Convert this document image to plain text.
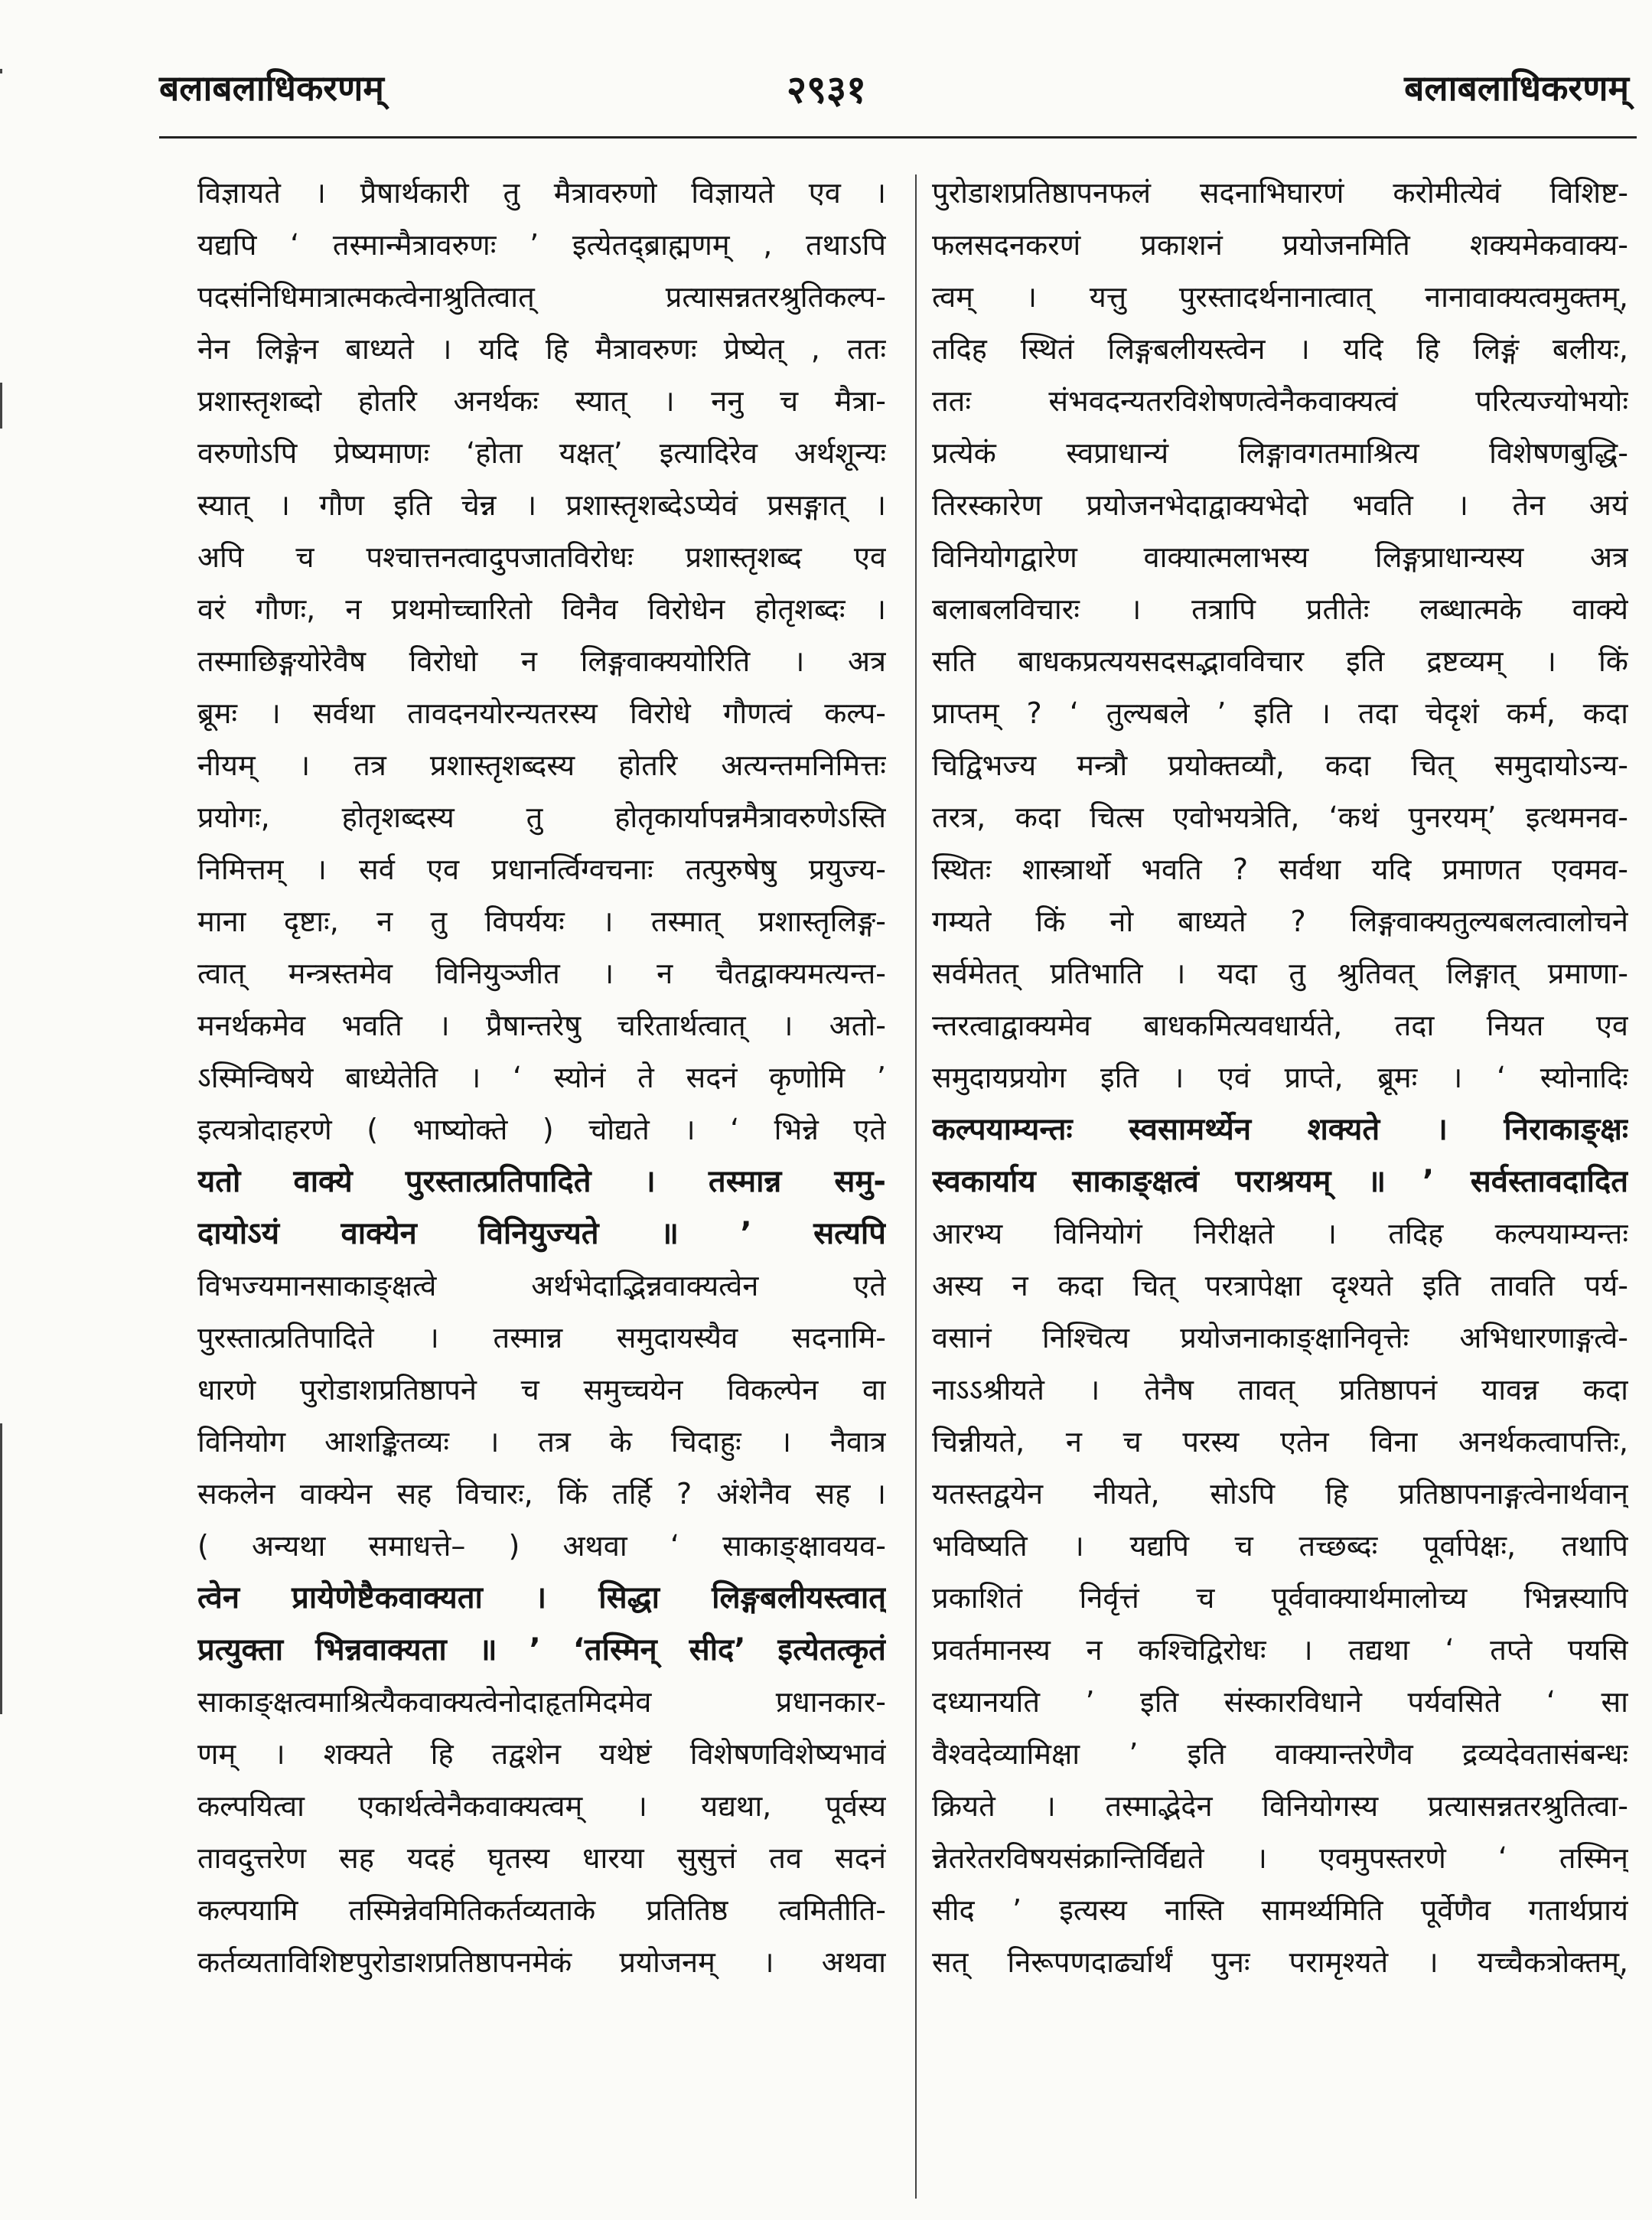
बलाबलाधिकरणम्	२९३१	बलाबलाधिकरणम्
विज्ञायते । प्रैषार्थकारी तु मैत्रावरुणो विज्ञायते एव ।
यद्यपि ‘ तस्मान्मैत्रावरुणः ’ इत्येतद्ब्राह्मणम् , तथाऽपि
पदसंनिधिमात्रात्मकत्वेनाश्रुतित्वात् प्रत्यासन्नतरश्रुतिकल्प-
नेन लिङ्गेन बाध्यते । यदि हि मैत्रावरुणः प्रेष्येत् , ततः
प्रशास्तृशब्दो होतरि अनर्थकः स्यात् । ननु च मैत्रा-
वरुणोऽपि प्रेष्यमाणः ‘होता यक्षत्’ इत्यादिरेव अर्थशून्यः
स्यात् । गौण इति चेन्न । प्रशास्तृशब्देऽप्येवं प्रसङ्गात् ।
अपि च पश्चात्तनत्वादुपजातविरोधः प्रशास्तृशब्द एव
वरं गौणः, न प्रथमोच्चारितो विनैव विरोधेन होतृशब्दः ।
तस्माछिङ्गयोरेवैष विरोधो न लिङ्गवाक्ययोरिति । अत्र
ब्रूमः । सर्वथा तावदनयोरन्यतरस्य विरोधे गौणत्वं कल्प-
नीयम् । तत्र प्रशास्तृशब्दस्य होतरि अत्यन्तमनिमित्तः
प्रयोगः, होतृशब्दस्य तु होतृकार्यापन्नमैत्रावरुणेऽस्ति
निमित्तम् । सर्व एव प्रधानर्त्विग्वचनाः तत्पुरुषेषु प्रयुज्य-
माना दृष्टाः, न तु विपर्ययः । तस्मात् प्रशास्तृलिङ्ग-
त्वात् मन्त्रस्तमेव विनियुञ्जीत । न चैतद्वाक्यमत्यन्त-
मनर्थकमेव भवति । प्रैषान्तरेषु चरितार्थत्वात् । अतो-
ऽस्मिन्विषये बाध्येतेति । ‘ स्योनं ते सदनं कृणोमि ’
इत्यत्रोदाहरणे ( भाष्योक्ते ) चोद्यते । ‘ भिन्ने एते
यतो वाक्ये पुरस्तात्प्रतिपादिते । तस्मान्न समु-
दायोऽयं वाक्येन विनियुज्यते ॥ ’ सत्यपि
विभज्यमानसाकाङ्क्षत्वे अर्थभेदाद्भिन्नवाक्यत्वेन एते
पुरस्तात्प्रतिपादिते । तस्मान्न समुदायस्यैव सदनामि-
धारणे पुरोडाशप्रतिष्ठापने च समुच्चयेन विकल्पेन वा
विनियोग आशङ्कितव्यः । तत्र के चिदाहुः । नैवात्र
सकलेन वाक्येन सह विचारः, किं तर्हि ? अंशेनैव सह ।
( अन्यथा समाधत्ते– ) अथवा ‘ साकाङ्क्षावयव-
त्वेन प्रायेणेष्टैकवाक्यता । सिद्धा लिङ्गबलीयस्त्वात्
प्रत्युक्ता भिन्नवाक्यता ॥ ’ ‘तस्मिन् सीद’ इत्येतत्कृतं
साकाङ्क्षत्वमाश्रित्यैकवाक्यत्वेनोदाहृतमिदमेव प्रधानकार-
णम् । शक्यते हि तद्वशेन यथेष्टं विशेषणविशेष्यभावं
कल्पयित्वा एकार्थत्वेनैकवाक्यत्वम् । यद्यथा, पूर्वस्य
तावदुत्तरेण सह यदहं घृतस्य धारया सुसुत्तं तव सदनं
कल्पयामि तस्मिन्नेवमितिकर्तव्यताके प्रतितिष्ठ त्वमितीति-
कर्तव्यताविशिष्टपुरोडाशप्रतिष्ठापनमेकं प्रयोजनम् । अथवा
पुरोडाशप्रतिष्ठापनफलं सदनाभिघारणं करोमीत्येवं विशिष्ट-
फलसदनकरणं प्रकाशनं प्रयोजनमिति शक्यमेकवाक्य-
त्वम् । यत्तु पुरस्तादर्थनानात्वात् नानावाक्यत्वमुक्तम्,
तदिह स्थितं लिङ्गबलीयस्त्वेन । यदि हि लिङ्गं बलीयः,
ततः संभवदन्यतरविशेषणत्वेनैकवाक्यत्वं परित्यज्योभयोः
प्रत्येकं स्वप्राधान्यं लिङ्गावगतमाश्रित्य विशेषणबुद्धि-
तिरस्कारेण प्रयोजनभेदाद्वाक्यभेदो भवति । तेन अयं
विनियोगद्वारेण वाक्यात्मलाभस्य लिङ्गप्राधान्यस्य अत्र
बलाबलविचारः । तत्रापि प्रतीतेः लब्धात्मके वाक्ये
सति बाधकप्रत्ययसदसद्भावविचार इति द्रष्टव्यम् । किं
प्राप्तम् ? ‘ तुल्यबले ’ इति । तदा चेदृशं कर्म, कदा
चिद्विभज्य मन्त्रौ प्रयोक्तव्यौ, कदा चित् समुदायोऽन्य-
तरत्र, कदा चित्स एवोभयत्रेति, ‘कथं पुनरयम्’ इत्थमनव-
स्थितः शास्त्रार्थो भवति ? सर्वथा यदि प्रमाणत एवमव-
गम्यते किं नो बाध्यते ? लिङ्गवाक्यतुल्यबलत्वालोचने
सर्वमेतत् प्रतिभाति । यदा तु श्रुतिवत् लिङ्गात् प्रमाणा-
न्तरत्वाद्वाक्यमेव बाधकमित्यवधार्यते, तदा नियत एव
समुदायप्रयोग इति । एवं प्राप्ते, ब्रूमः । ‘ स्योनादिः
कल्पयाम्यन्तः स्वसामर्थ्येन शक्यते । निराकाङ्क्षः
स्वकार्याय साकाङ्क्षत्वं पराश्रयम् ॥ ’ सर्वस्तावदादित
आरभ्य विनियोगं निरीक्षते । तदिह कल्पयाम्यन्तः
अस्य न कदा चित् परत्रापेक्षा दृश्यते इति तावति पर्य-
वसानं निश्चित्य प्रयोजनाकाङ्क्षानिवृत्तेः अभिधारणाङ्गत्वे-
नाऽऽश्रीयते । तेनैष तावत् प्रतिष्ठापनं यावन्न कदा
चिन्नीयते, न च परस्य एतेन विना अनर्थकत्वापत्तिः,
यतस्तद्वयेन नीयते, सोऽपि हि प्रतिष्ठापनाङ्गत्वेनार्थवान्
भविष्यति । यद्यपि च तच्छब्दः पूर्वापेक्षः, तथापि
प्रकाशितं निर्वृत्तं च पूर्ववाक्यार्थमालोच्य भिन्नस्यापि
प्रवर्तमानस्य न कश्चिद्विरोधः । तद्यथा ‘ तप्ते पयसि
दध्यानयति ’ इति संस्कारविधाने पर्यवसिते ‘ सा
वैश्वदेव्यामिक्षा ’ इति वाक्यान्तरेणैव द्रव्यदेवतासंबन्धः
क्रियते । तस्माद्भेदेन विनियोगस्य प्रत्यासन्नतरश्रुतित्वा-
न्नेतरेतरविषयसंक्रान्तिर्विद्यते । एवमुपस्तरणे ‘ तस्मिन्
सीद ’ इत्यस्य नास्ति सामर्थ्यमिति पूर्वेणैव गतार्थप्रायं
सत् निरूपणदार्ढ्यार्थं पुनः परामृश्यते । यच्चैकत्रोक्तम्,
